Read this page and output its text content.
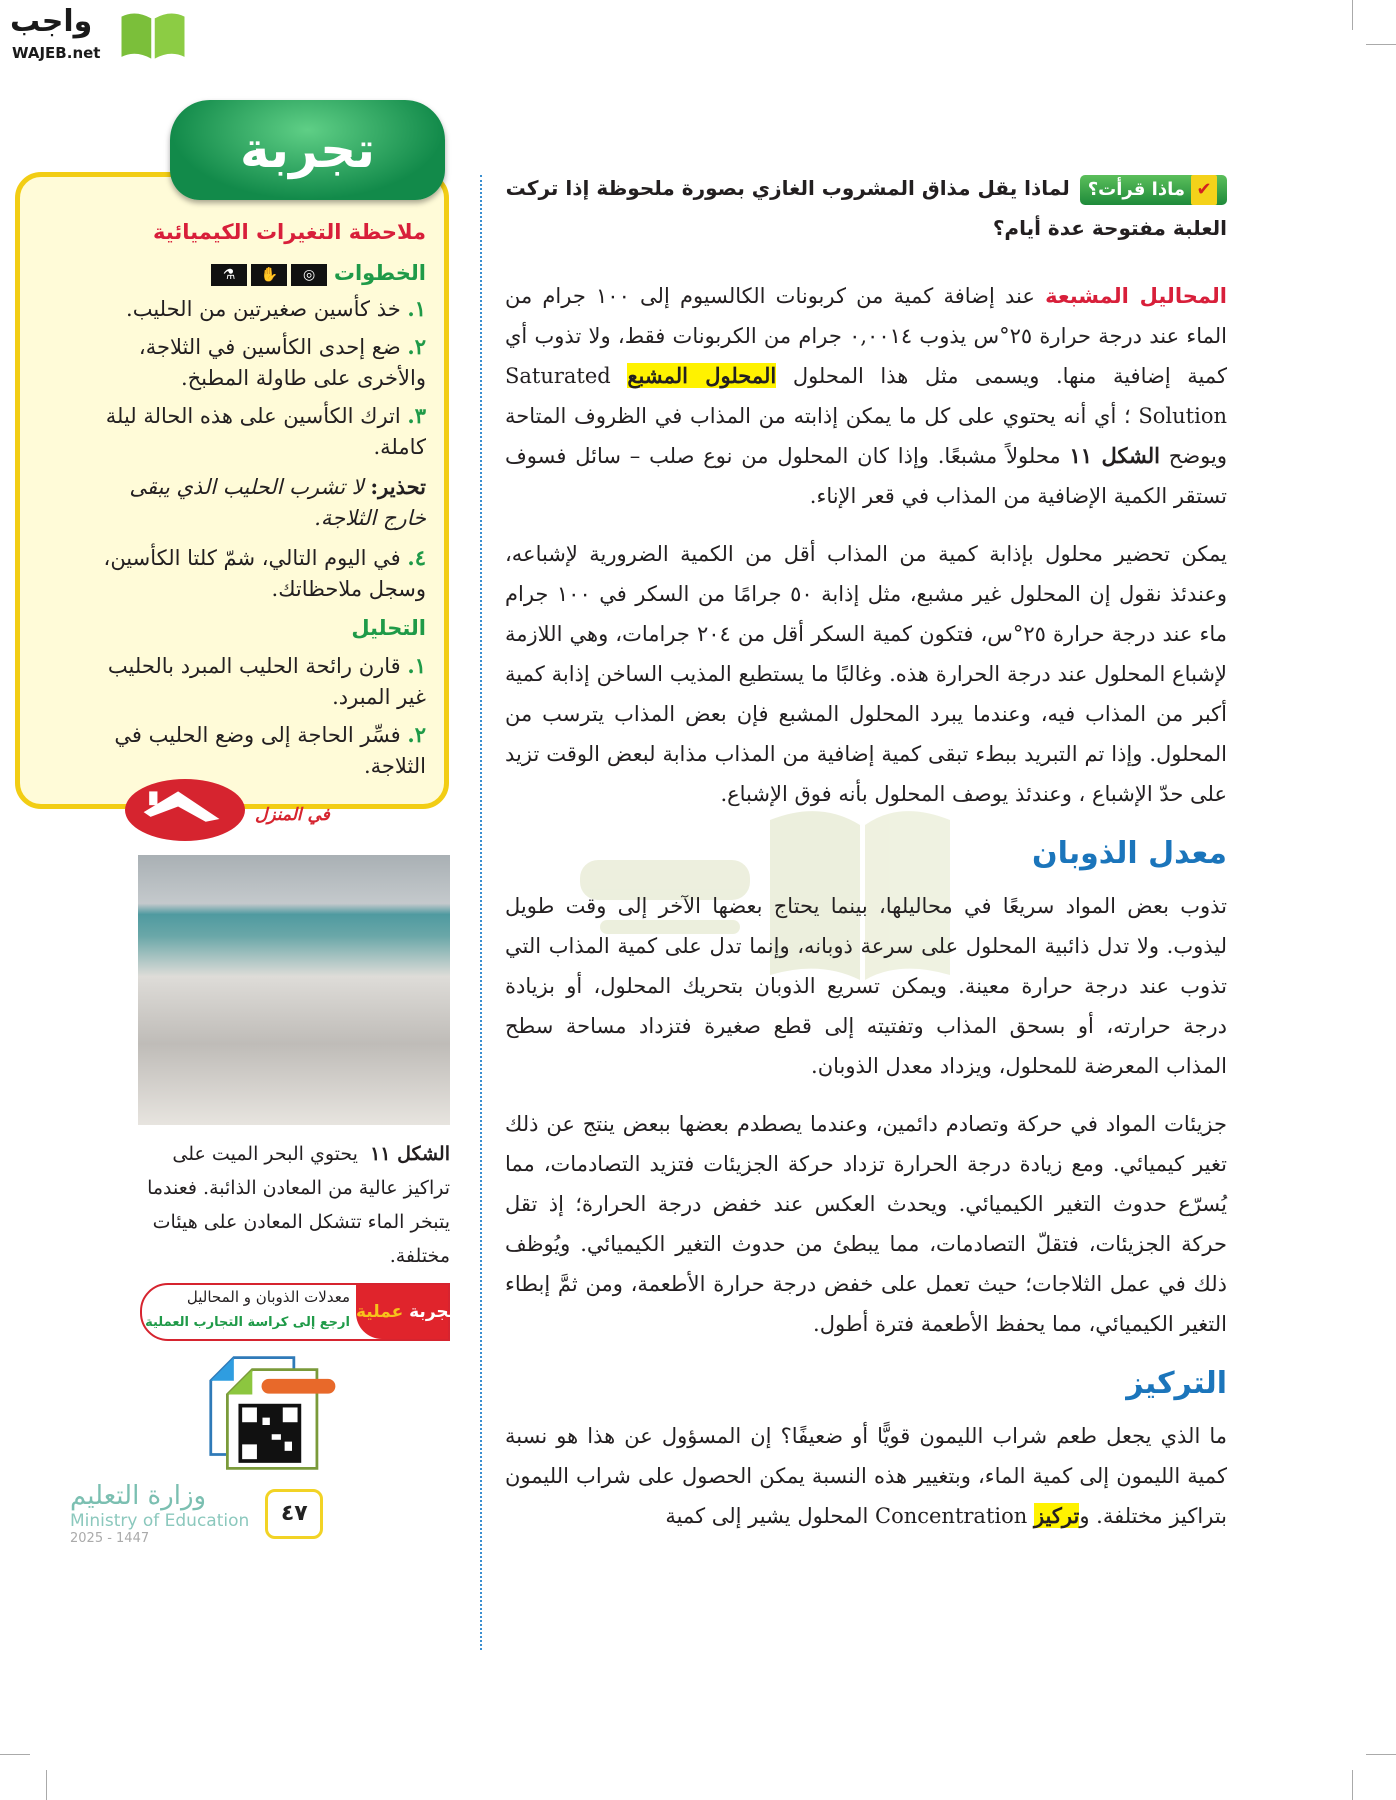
واجب
WAJEB.net
✔ماذا قرأت؟لماذا يقل مذاق المشروب الغازي بصورة ملحوظة إذا تركت العلبة مفتوحة عدة أيام؟

المحاليل المشبعة عند إضافة كمية من كربونات الكالسيوم إلى ١٠٠ جرام من الماء عند درجة حرارة ٢٥°س يذوب ٠,٠٠١٤ جرام من الكربونات فقط، ولا تذوب أي كمية إضافية منها. ويسمى مثل هذا المحلول المحلول المشبع Saturated Solution ؛ أي أنه يحتوي على كل ما يمكن إذابته من المذاب في الظروف المتاحة ويوضح الشكل ١١ محلولاً مشبعًا. وإذا كان المحلول من نوع صلب – سائل فسوف تستقر الكمية الإضافية من المذاب في قعر الإناء.

يمكن تحضير محلول بإذابة كمية من المذاب أقل من الكمية الضرورية لإشباعه، وعندئذ نقول إن المحلول غير مشبع، مثل إذابة ٥٠ جرامًا من السكر في ١٠٠ جرام ماء عند درجة حرارة ٢٥°س، فتكون كمية السكر أقل من ٢٠٤ جرامات، وهي اللازمة لإشباع المحلول عند درجة الحرارة هذه. وغالبًا ما يستطيع المذيب الساخن إذابة كمية أكبر من المذاب فيه، وعندما يبرد المحلول المشبع فإن بعض المذاب يترسب من المحلول. وإذا تم التبريد ببطء تبقى كمية إضافية من المذاب مذابة لبعض الوقت تزيد على حدّ الإشباع ، وعندئذ يوصف المحلول بأنه فوق الإشباع.

معدل الذوبان

تذوب بعض المواد سريعًا في محاليلها، بينما يحتاج بعضها الآخر إلى وقت طويل ليذوب. ولا تدل ذائبية المحلول على سرعة ذوبانه، وإنما تدل على كمية المذاب التي تذوب عند درجة حرارة معينة. ويمكن تسريع الذوبان بتحريك المحلول، أو بزيادة درجة حرارته، أو بسحق المذاب وتفتيته إلى قطع صغيرة فتزداد مساحة سطح المذاب المعرضة للمحلول، ويزداد معدل الذوبان.

جزيئات المواد في حركة وتصادم دائمين، وعندما يصطدم بعضها ببعض ينتج عن ذلك تغير كيميائي. ومع زيادة درجة الحرارة تزداد حركة الجزيئات فتزيد التصادمات، مما يُسرّع حدوث التغير الكيميائي. ويحدث العكس عند خفض درجة الحرارة؛ إذ تقل حركة الجزيئات، فتقلّ التصادمات، مما يبطئ من حدوث التغير الكيميائي. ويُوظف ذلك في عمل الثلاجات؛ حيث تعمل على خفض درجة حرارة الأطعمة، ومن ثمَّ إبطاء التغير الكيميائي، مما يحفظ الأطعمة فترة أطول.

التركيز

ما الذي يجعل طعم شراب الليمون قويًّا أو ضعيفًا؟ إن المسؤول عن هذا هو نسبة كمية الليمون إلى كمية الماء، وبتغيير هذه النسبة يمكن الحصول على شراب الليمون بتراكيز مختلفة. وتركيز Concentration المحلول يشير إلى كمية

تجربة
ملاحظة التغيرات الكيميائية
الخطوات ◎✋⚗
١. خذ كأسين صغيرتين من الحليب.
٢. ضع إحدى الكأسين في الثلاجة، والأخرى على طاولة المطبخ.
٣. اترك الكأسين على هذه الحالة ليلة كاملة.
تحذير: لا تشرب الحليب الذي يبقى خارج الثلاجة.
٤. في اليوم التالي، شمّ كلتا الكأسين، وسجل ملاحظاتك.
التحليل
١. قارن رائحة الحليب المبرد بالحليب غير المبرد.
٢. فسِّر الحاجة إلى وضع الحليب في الثلاجة.
في المنزل
الشكل ١١  يحتوي البحر الميت على تراكيز عالية من المعادن الذائبة. فعندما يتبخر الماء تتشكل المعادن على هيئات مختلفة.
تجربة عملية
معدلات الذوبان و المحاليل
ارجع إلى كراسة التجارب العملية
وزارة التعليم
Ministry of Education
2025 - 1447
٤٧
